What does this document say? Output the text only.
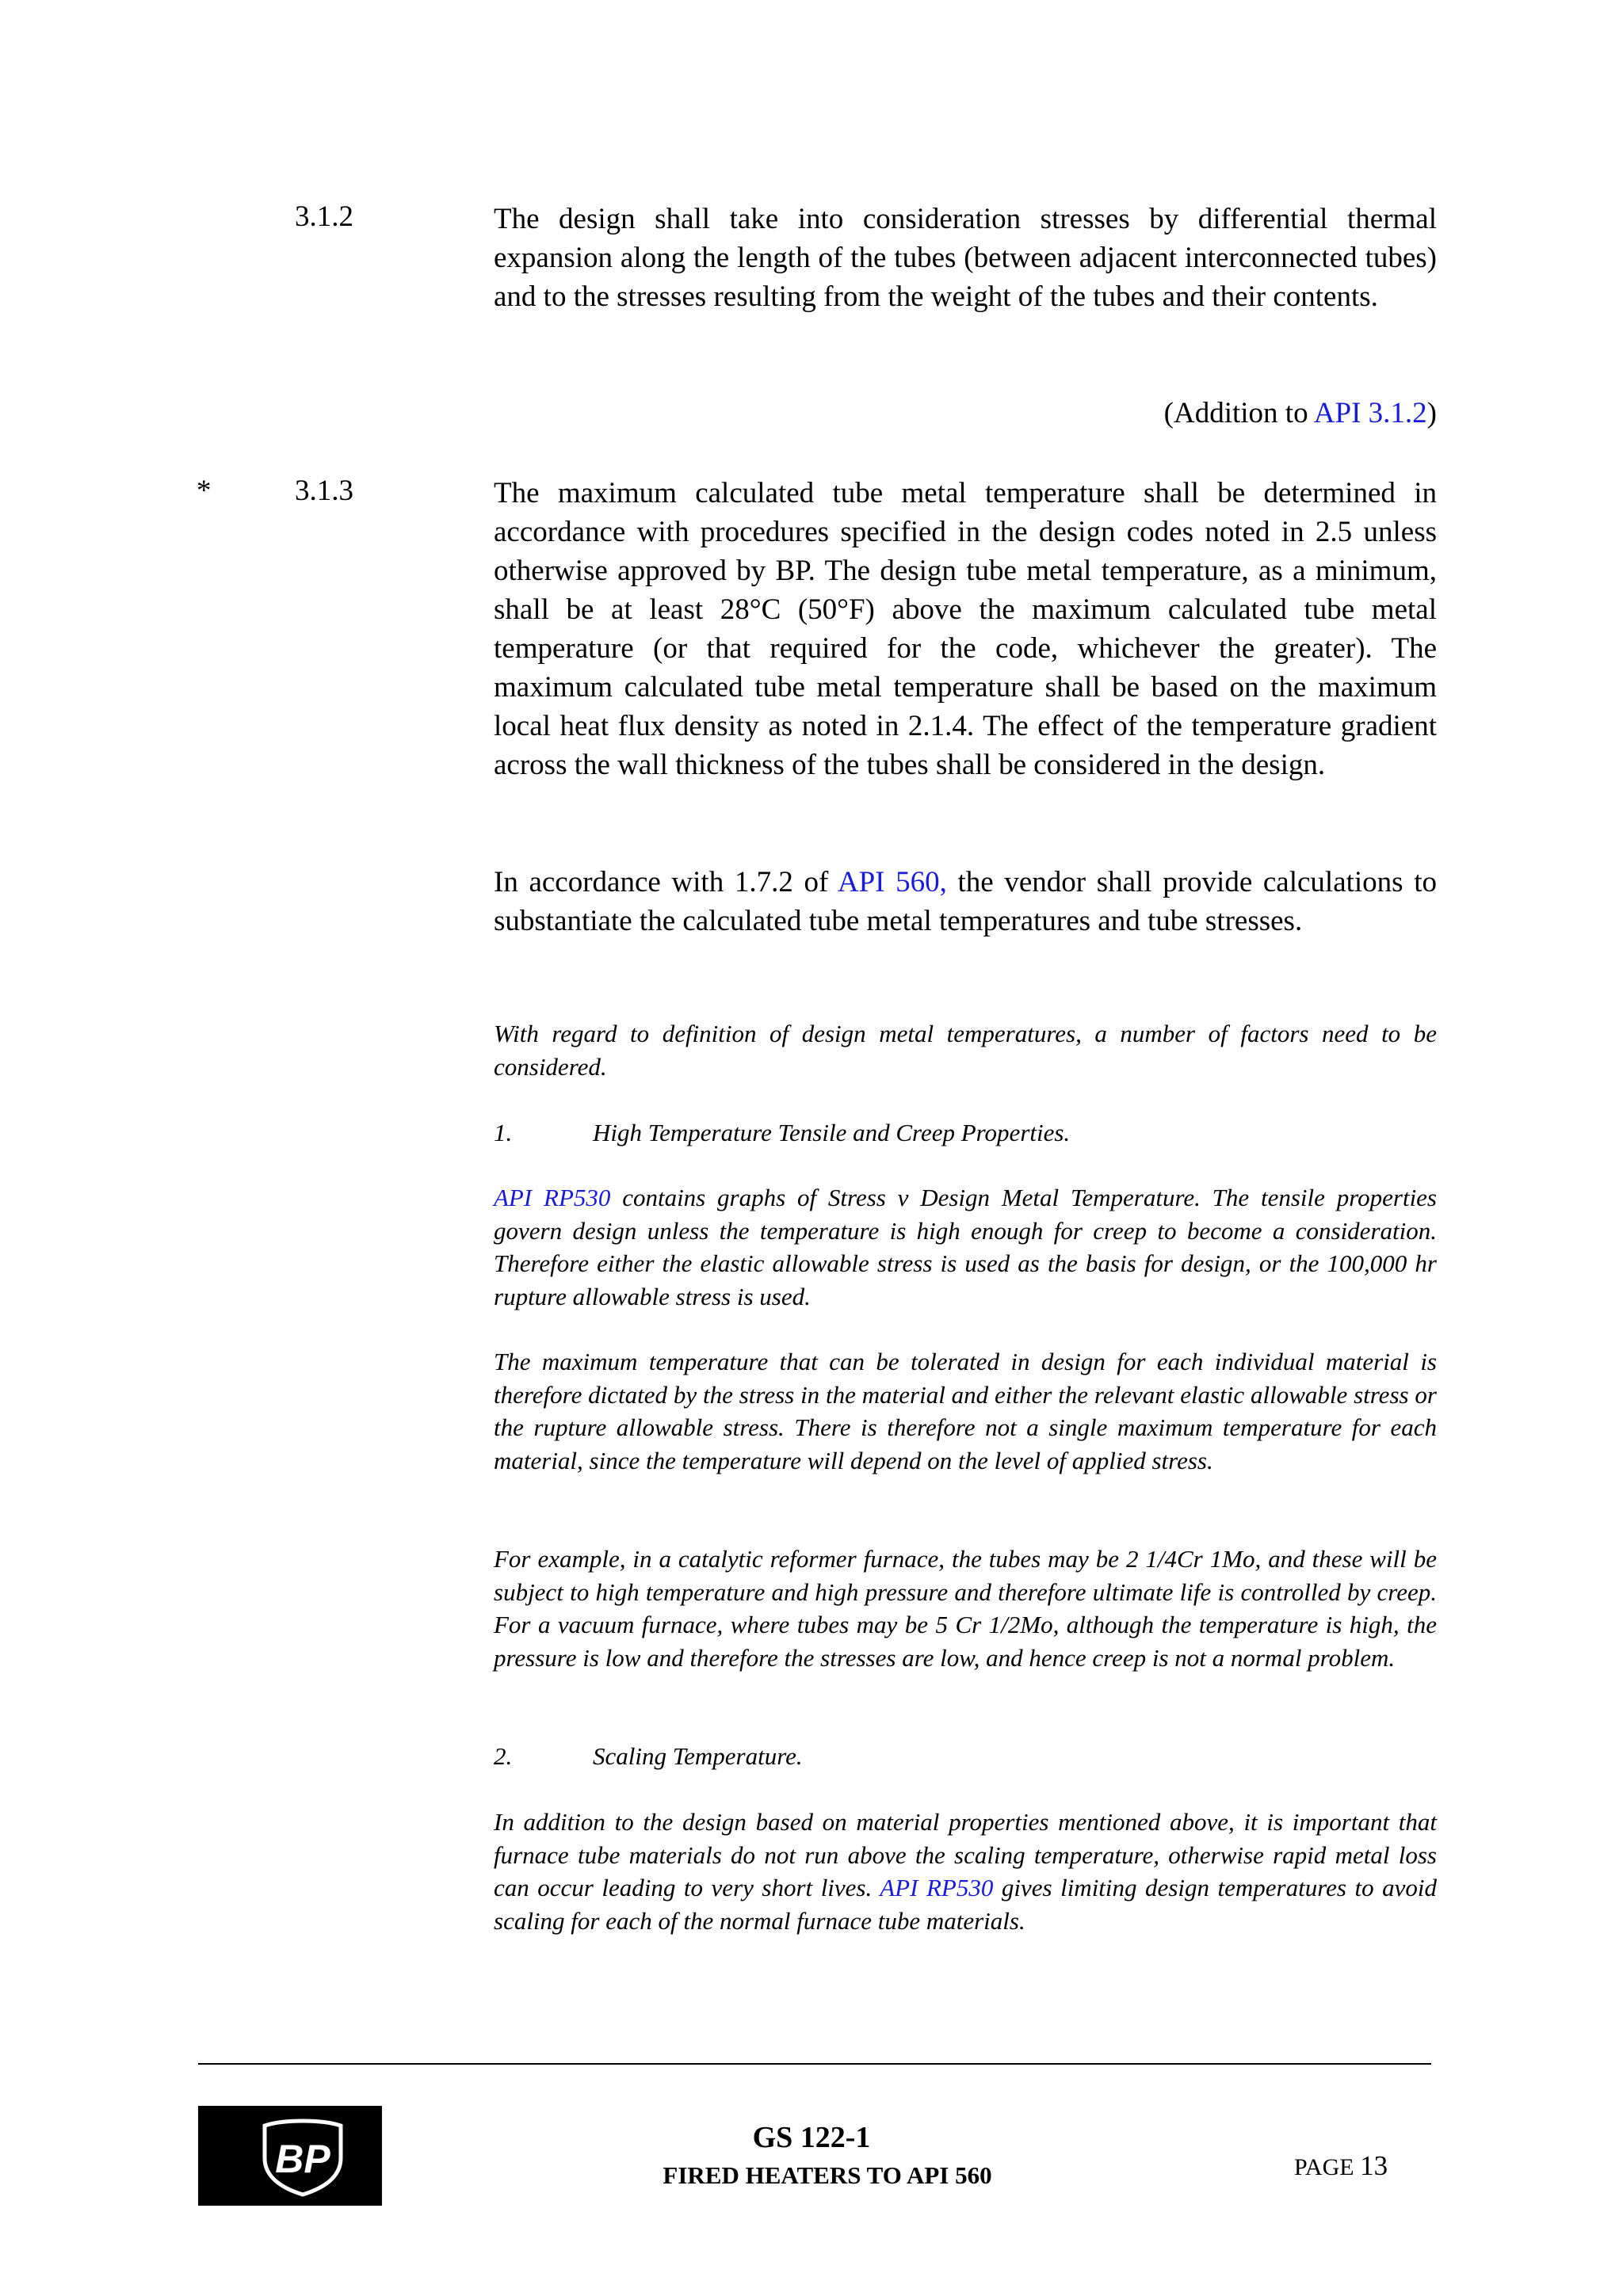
3.1.2	The design shall take into consideration stresses by differential thermal expansion along the length of the tubes (between adjacent interconnected tubes) and to the stresses resulting from the weight of the tubes and their contents.
(Addition to API 3.1.2)
*	3.1.3	The maximum calculated tube metal temperature shall be determined in accordance with procedures specified in the design codes noted in 2.5 unless otherwise approved by BP. The design tube metal temperature, as a minimum, shall be at least 28°C (50°F) above the maximum calculated tube metal temperature (or that required for the code, whichever the greater). The maximum calculated tube metal temperature shall be based on the maximum local heat flux density as noted in 2.1.4. The effect of the temperature gradient across the wall thickness of the tubes shall be considered in the design.
In accordance with 1.7.2 of API 560, the vendor shall provide calculations to substantiate the calculated tube metal temperatures and tube stresses.
With regard to definition of design metal temperatures, a number of factors need to be considered.
1.	High Temperature Tensile and Creep Properties.
API RP530 contains graphs of Stress v Design Metal Temperature. The tensile properties govern design unless the temperature is high enough for creep to become a consideration. Therefore either the elastic allowable stress is used as the basis for design, or the 100,000 hr rupture allowable stress is used.
The maximum temperature that can be tolerated in design for each individual material is therefore dictated by the stress in the material and either the relevant elastic allowable stress or the rupture allowable stress. There is therefore not a single maximum temperature for each material, since the temperature will depend on the level of applied stress.
For example, in a catalytic reformer furnace, the tubes may be 2 1/4Cr 1Mo, and these will be subject to high temperature and high pressure and therefore ultimate life is controlled by creep. For a vacuum furnace, where tubes may be 5 Cr 1/2Mo, although the temperature is high, the pressure is low and therefore the stresses are low, and hence creep is not a normal problem.
2.	Scaling Temperature.
In addition to the design based on material properties mentioned above, it is important that furnace tube materials do not run above the scaling temperature, otherwise rapid metal loss can occur leading to very short lives. API RP530 gives limiting design temperatures to avoid scaling for each of the normal furnace tube materials.
BP	GS 122-1
FIRED HEATERS TO API 560	PAGE 13
